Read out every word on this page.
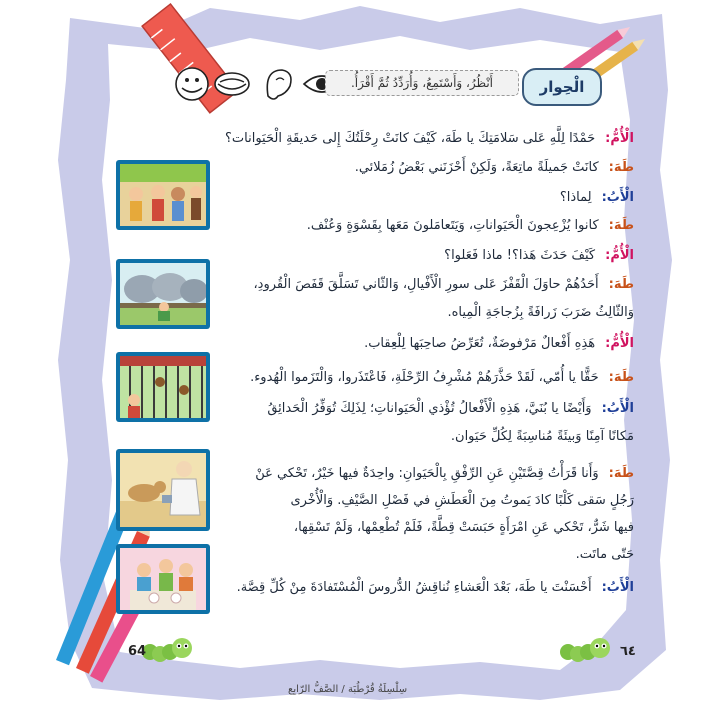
أَنْظُرُ، وَأَسْتَمِعُ، وَأُرَدِّدُ ثُمَّ أَقْرَأُ.	الْحِوار
الْأُمُّ:حَمْدًا لِلَّهِ عَلى سَلامَتِكَ يا طَهَ، كَيْفَ كانَتْ رِحْلَتُكَ إِلى حَديقَةِ الْحَيَوانات؟
طَهَ:كانَتْ جَميلَةً ماتِعَةً، وَلَكِنْ أَحْزَنَني بَعْضُ زُمَلائي.
الْأَبُ:لِماذا؟
طَهَ:كانوا يُزْعِجونَ الْحَيَواناتِ، وَيَتَعامَلونَ مَعَها بِقَسْوَةٍ وَعُنْف.
الْأُمُّ:كَيْفَ حَدَثَ هَذا؟! ماذا فَعَلوا؟
طَهَ:أَحَدُهُمْ حاوَلَ الْقَفْزَ عَلى سورِ الْأَفْيالِ، وَالثّاني تَسَلَّقَ قَفَصَ الْقُرودِ،
وَالثّالِثُ ضَرَبَ زَرافَةً بِزُجاجَةِ الْمِياه.
الْأُمُّ:هَذِهِ أَفْعالٌ مَرْفوضَةٌ، تُعَرِّضُ صاحِبَها لِلْعِقاب.
طَهَ:حَقًّا يا أُمّي، لَقَدْ حَذَّرَهُمْ مُشْرِفُ الرِّحْلَةِ، فَاعْتَذَروا، وَالْتَزَموا الْهُدوء.
الْأَبُ:وَأَيْضًا يا بُنَيَّ، هَذِهِ الْأَفْعالُ تُؤْذي الْحَيَواناتِ؛ لِذَلِكَ تُوَفِّرُ الْحَدائِقُ
مَكانًا آمِنًا وَبيئَةً مُناسِبَةً لِكُلِّ حَيَوان.
طَهَ:وَأَنا قَرَأْتُ قِصَّتَيْنِ عَنِ الرِّفْقِ بِالْحَيَوانِ: واحِدَةٌ فيها خَيْرٌ، تَحْكي عَنْ
رَجُلٍ سَقى كَلْبًا كادَ يَموتُ مِنَ الْعَطَشِ في فَصْلِ الصَّيْفِ. وَالْأُخْرى
فيها شَرٌّ، تَحْكي عَنِ امْرَأَةٍ حَبَسَتْ قِطَّةً، فَلَمْ تُطْعِمْها، وَلَمْ تَسْقِها،
حَتّى ماتَت.
الْأَبُ:أَحْسَنْتَ يا طَهَ، بَعْدَ الْعَشاءِ نُناقِشُ الدُّروسَ الْمُسْتَفادَةَ مِنْ كُلِّ قِصَّة.
64	٦٤
سِلْسِلَةُ قُرْطُبَة / الصَّفُّ الرّابِع
